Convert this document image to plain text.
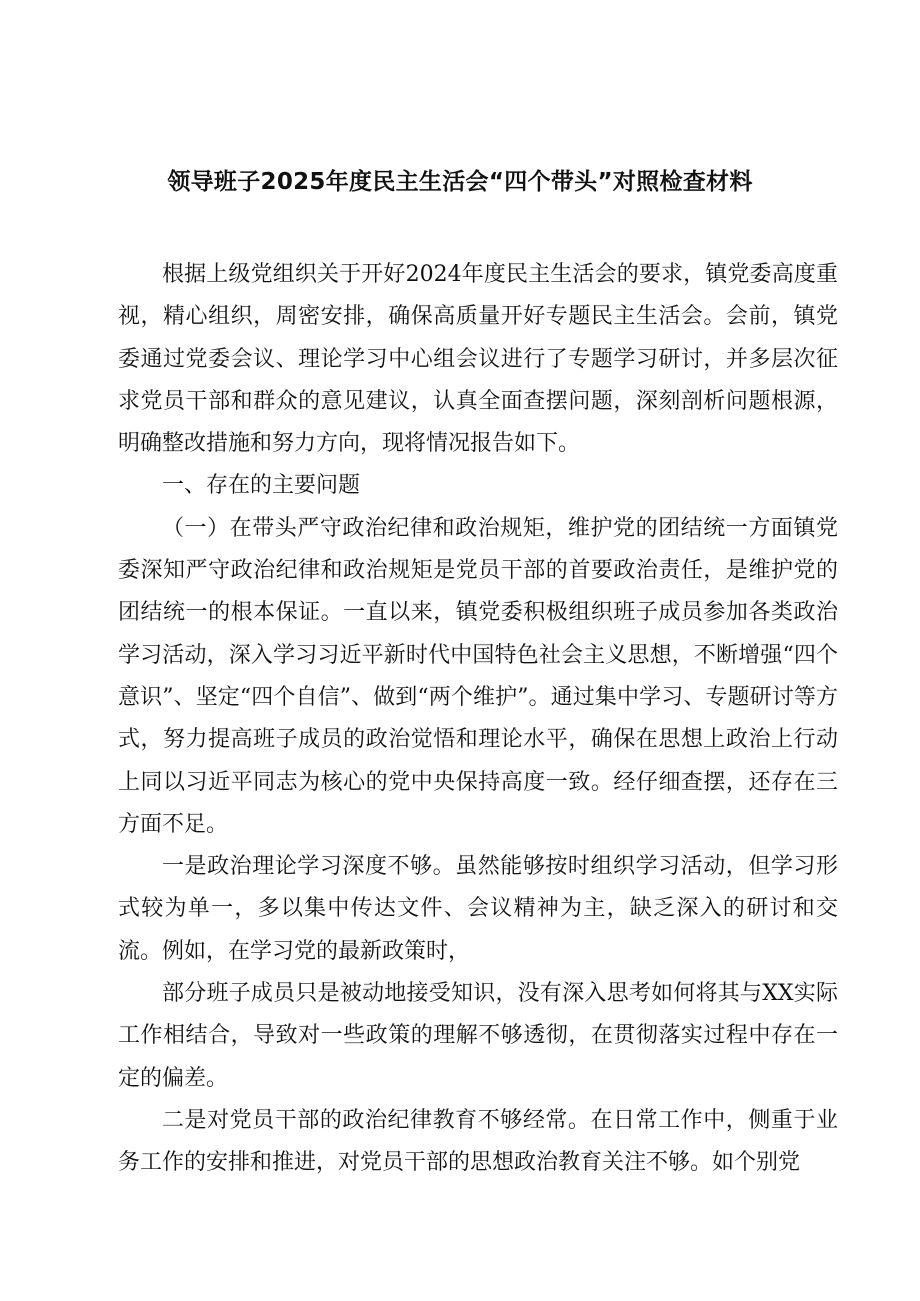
领导班子2025年度民主生活会“四个带头”对照检查材料

根据上级党组织关于开好2024年度民主生活会的要求，镇党委高度重视，精心组织，周密安排，确保高质量开好专题民主生活会。会前，镇党委通过党委会议、理论学习中心组会议进行了专题学习研讨，并多层次征求党员干部和群众的意见建议，认真全面查摆问题，深刻剖析问题根源，明确整改措施和努力方向，现将情况报告如下。

一、存在的主要问题

（一）在带头严守政治纪律和政治规矩，维护党的团结统一方面镇党委深知严守政治纪律和政治规矩是党员干部的首要政治责任，是维护党的团结统一的根本保证。一直以来，镇党委积极组织班子成员参加各类政治学习活动，深入学习习近平新时代中国特色社会主义思想，不断增强“四个意识”、坚定“四个自信”、做到“两个维护”。通过集中学习、专题研讨等方式，努力提高班子成员的政治觉悟和理论水平，确保在思想上政治上行动上同以习近平同志为核心的党中央保持高度一致。经仔细查摆，还存在三方面不足。

一是政治理论学习深度不够。虽然能够按时组织学习活动，但学习形式较为单一，多以集中传达文件、会议精神为主，缺乏深入的研讨和交流。例如，在学习党的最新政策时，

部分班子成员只是被动地接受知识，没有深入思考如何将其与XX实际工作相结合，导致对一些政策的理解不够透彻，在贯彻落实过程中存在一定的偏差。

二是对党员干部的政治纪律教育不够经常。在日常工作中，侧重于业务工作的安排和推进，对党员干部的思想政治教育关注不够。如个别党
